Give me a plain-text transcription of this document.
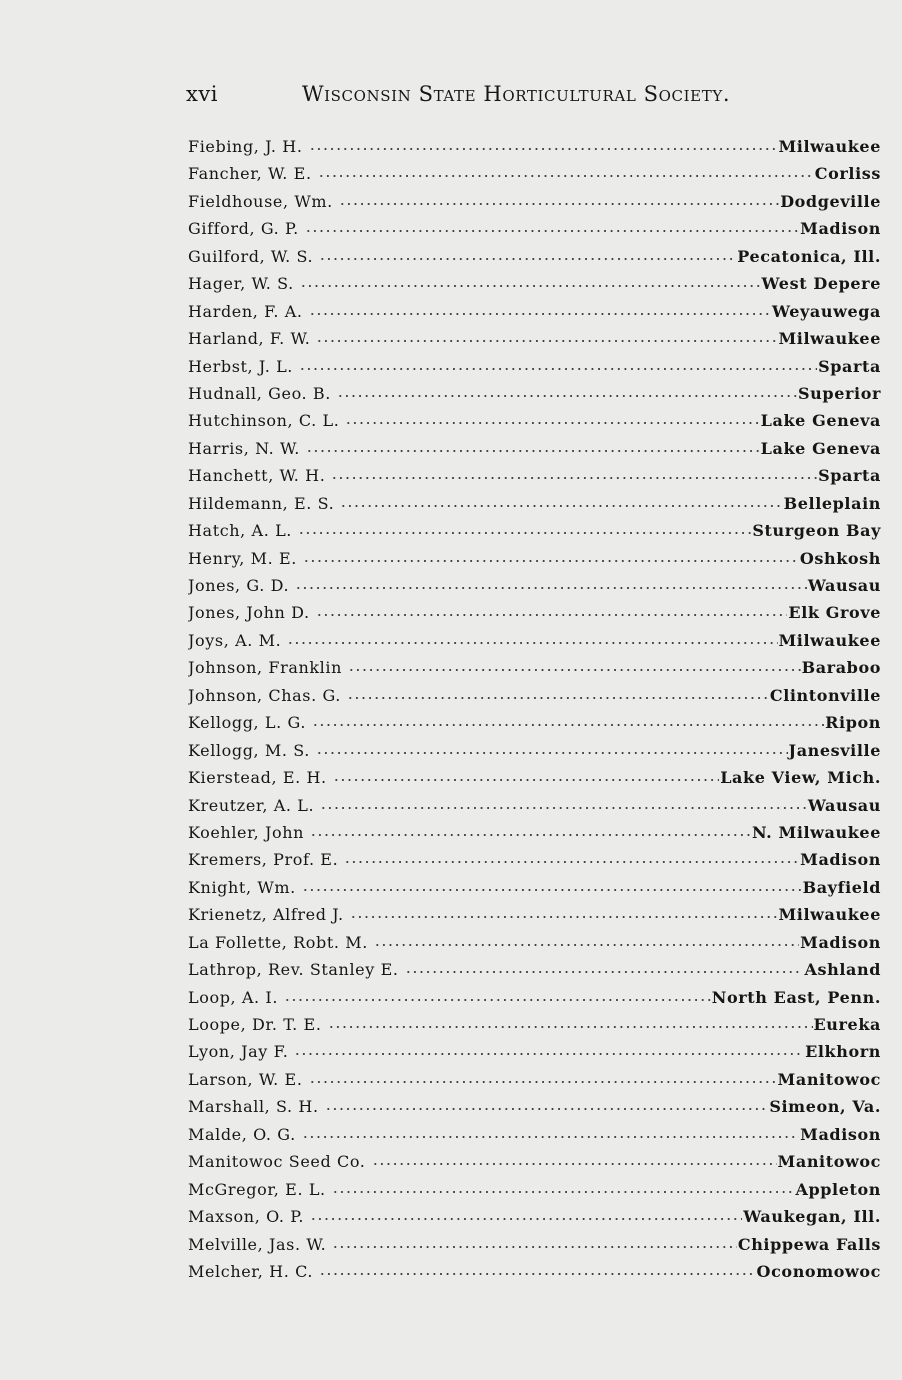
xvi	Wisconsin State Horticultural Society.
Fiebing, J. H.	Milwaukee
Fancher, W. E.	Corliss
Fieldhouse, Wm.	Dodgeville
Gifford, G. P.	Madison
Guilford, W. S.	Pecatonica, Ill.
Hager, W. S.	West Depere
Harden, F. A.	Weyauwega
Harland, F. W.	Milwaukee
Herbst, J. L.	Sparta
Hudnall, Geo. B.	Superior
Hutchinson, C. L.	Lake Geneva
Harris, N. W.	Lake Geneva
Hanchett, W. H.	Sparta
Hildemann, E. S.	Belleplain
Hatch, A. L.	Sturgeon Bay
Henry, M. E.	Oshkosh
Jones, G. D.	Wausau
Jones, John D.	Elk Grove
Joys, A. M.	Milwaukee
Johnson, Franklin	Baraboo
Johnson, Chas. G.	Clintonville
Kellogg, L. G.	Ripon
Kellogg, M. S.	Janesville
Kierstead, E. H.	Lake View, Mich.
Kreutzer, A. L.	Wausau
Koehler, John	N. Milwaukee
Kremers, Prof. E.	Madison
Knight, Wm.	Bayfield
Krienetz, Alfred J.	Milwaukee
La Follette, Robt. M.	Madison
Lathrop, Rev. Stanley E.	Ashland
Loop, A. I.	North East, Penn.
Loope, Dr. T. E.	Eureka
Lyon, Jay F.	Elkhorn
Larson, W. E.	Manitowoc
Marshall, S. H.	Simeon, Va.
Malde, O. G.	Madison
Manitowoc Seed Co.	Manitowoc
McGregor, E. L.	Appleton
Maxson, O. P.	Waukegan, Ill.
Melville, Jas. W.	Chippewa Falls
Melcher, H. C.	Oconomowoc
